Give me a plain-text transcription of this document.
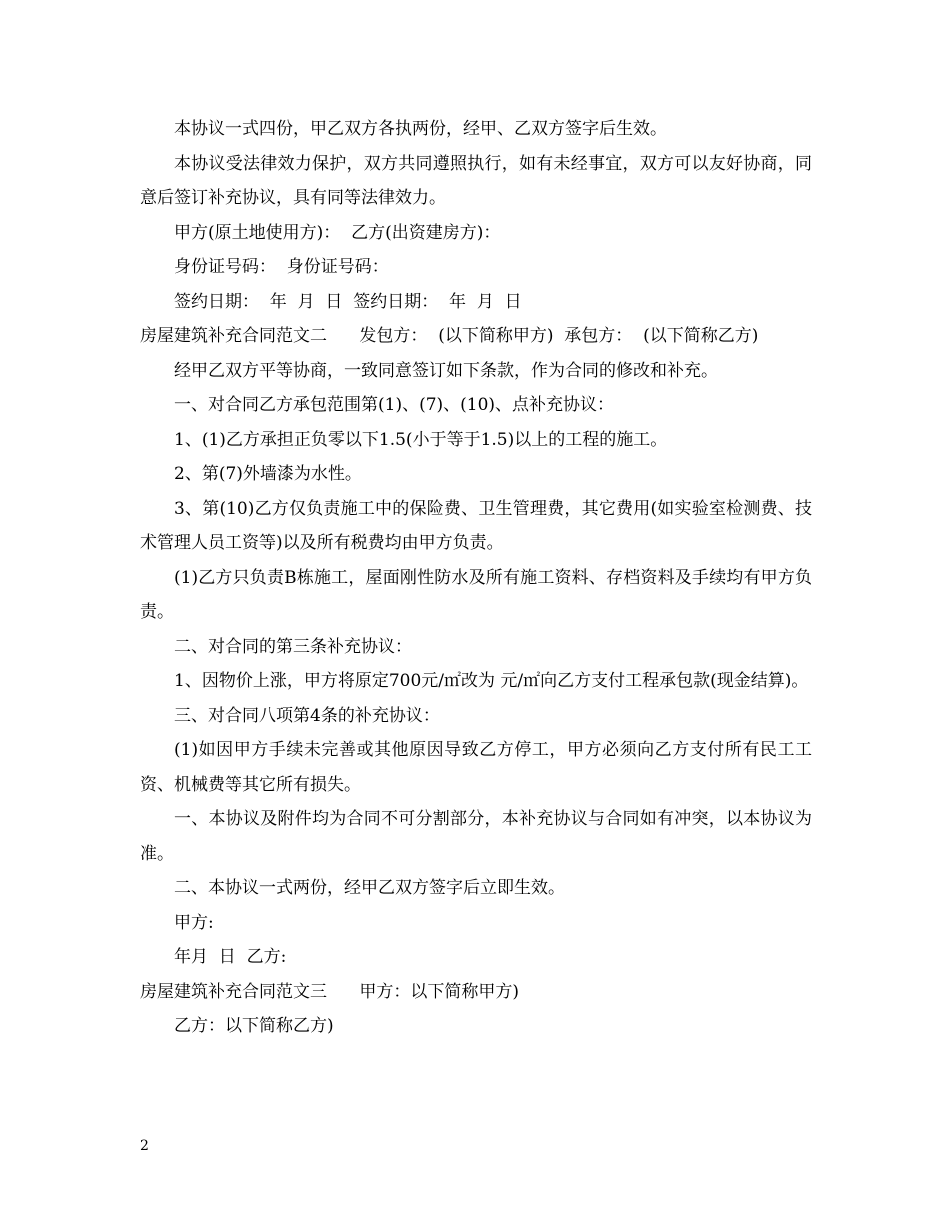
本协议一式四份，甲乙双方各执两份，经甲、乙双方签字后生效。

本协议受法律效力保护，双方共同遵照执行，如有未经事宜，双方可以友好协商，同意后签订补充协议，具有同等法律效力。

甲方(原土地使用方)：  乙方(出资建房方)：

身份证号码：  身份证号码：

签约日期：  年  月  日  签约日期：  年  月  日

房屋建筑补充合同范文二      发包方：  (以下简称甲方)  承包方：  (以下简称乙方)

经甲乙双方平等协商，一致同意签订如下条款，作为合同的修改和补充。

一、对合同乙方承包范围第(1)、(7)、(10)、点补充协议：

1、(1)乙方承担正负零以下1.5(小于等于1.5)以上的工程的施工。

2、第(7)外墙漆为水性。

3、第(10)乙方仅负责施工中的保险费、卫生管理费，其它费用(如实验室检测费、技术管理人员工资等)以及所有税费均由甲方负责。

(1)乙方只负责B栋施工，屋面刚性防水及所有施工资料、存档资料及手续均有甲方负责。

二、对合同的第三条补充协议：

1、因物价上涨，甲方将原定700元/㎡改为 元/㎡向乙方支付工程承包款(现金结算)。

三、对合同八项第4条的补充协议：

(1)如因甲方手续未完善或其他原因导致乙方停工，甲方必须向乙方支付所有民工工资、机械费等其它所有损失。

一、本协议及附件均为合同不可分割部分，本补充协议与合同如有冲突，以本协议为准。

二、本协议一式两份，经甲乙双方签字后立即生效。

甲方:

年月  日  乙方:

房屋建筑补充合同范文三      甲方：以下简称甲方)

乙方：以下简称乙方)

2
